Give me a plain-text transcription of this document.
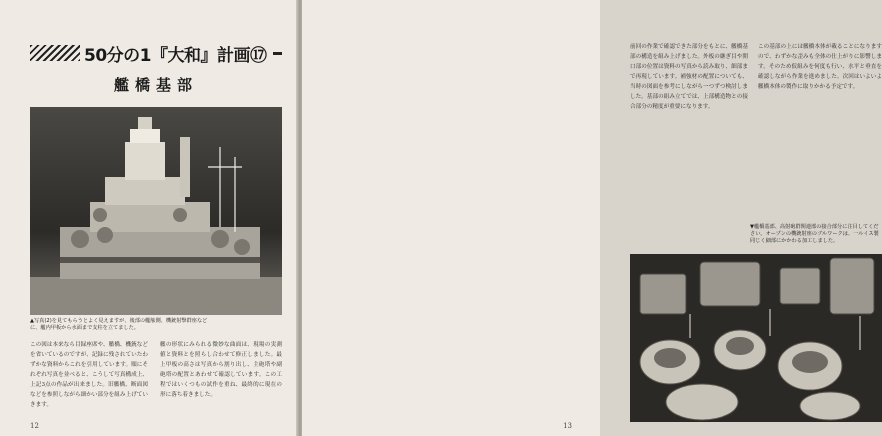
50分の1『大和』計画⑰
艦橋基部
▲写真(2)を見てもらうとよく見えますが、後部の艦舷側、機銃射撃群座などに、艦内甲板から水面まで支柱を立てました。

この図は本来なら目録座席や、艦橋、機銃などを省いているのですが、記録に残されていたわずかな資料からこれを引用しています。順にそれぞれ写真を並べると、こうして写真構成上、上記3点の作品が出来ました。旧艦橋、断面図などを参照しながら細かい部分を組み上げていきます。

艦の形状にみられる微妙な曲面は、現場の実測値と資料とを照らし合わせて修正しました。最上甲板の高さは写真から割り出し、主砲塔や副砲塔の配置とあわせて確認しています。この工程ではいくつもの試作を重ね、最終的に現在の形に落ち着きました。

12

前回の作業で確認できた部分をもとに、艦橋基部の構造を組み上げました。外板の継ぎ目や開口部の位置は資料の写真から読み取り、細部まで再現しています。補強材の配置についても、当時の図面を参考にしながら一つずつ検討しました。基部の組み立てでは、上部構造物との接合部分の精度が重要になります。

この基部の上には艦橋本体が載ることになりますので、わずかな歪みも全体の仕上がりに影響します。そのため仮組みを何度も行い、水平と垂直を確認しながら作業を進めました。次回はいよいよ艦橋本体の製作に取りかかる予定です。

▼艦橋基部、高射砲群関連部の接合部分に注目してください。オープンの機銃射座のブルワークは、一ルイス製同じく細部にかかわる加工しました。
13
